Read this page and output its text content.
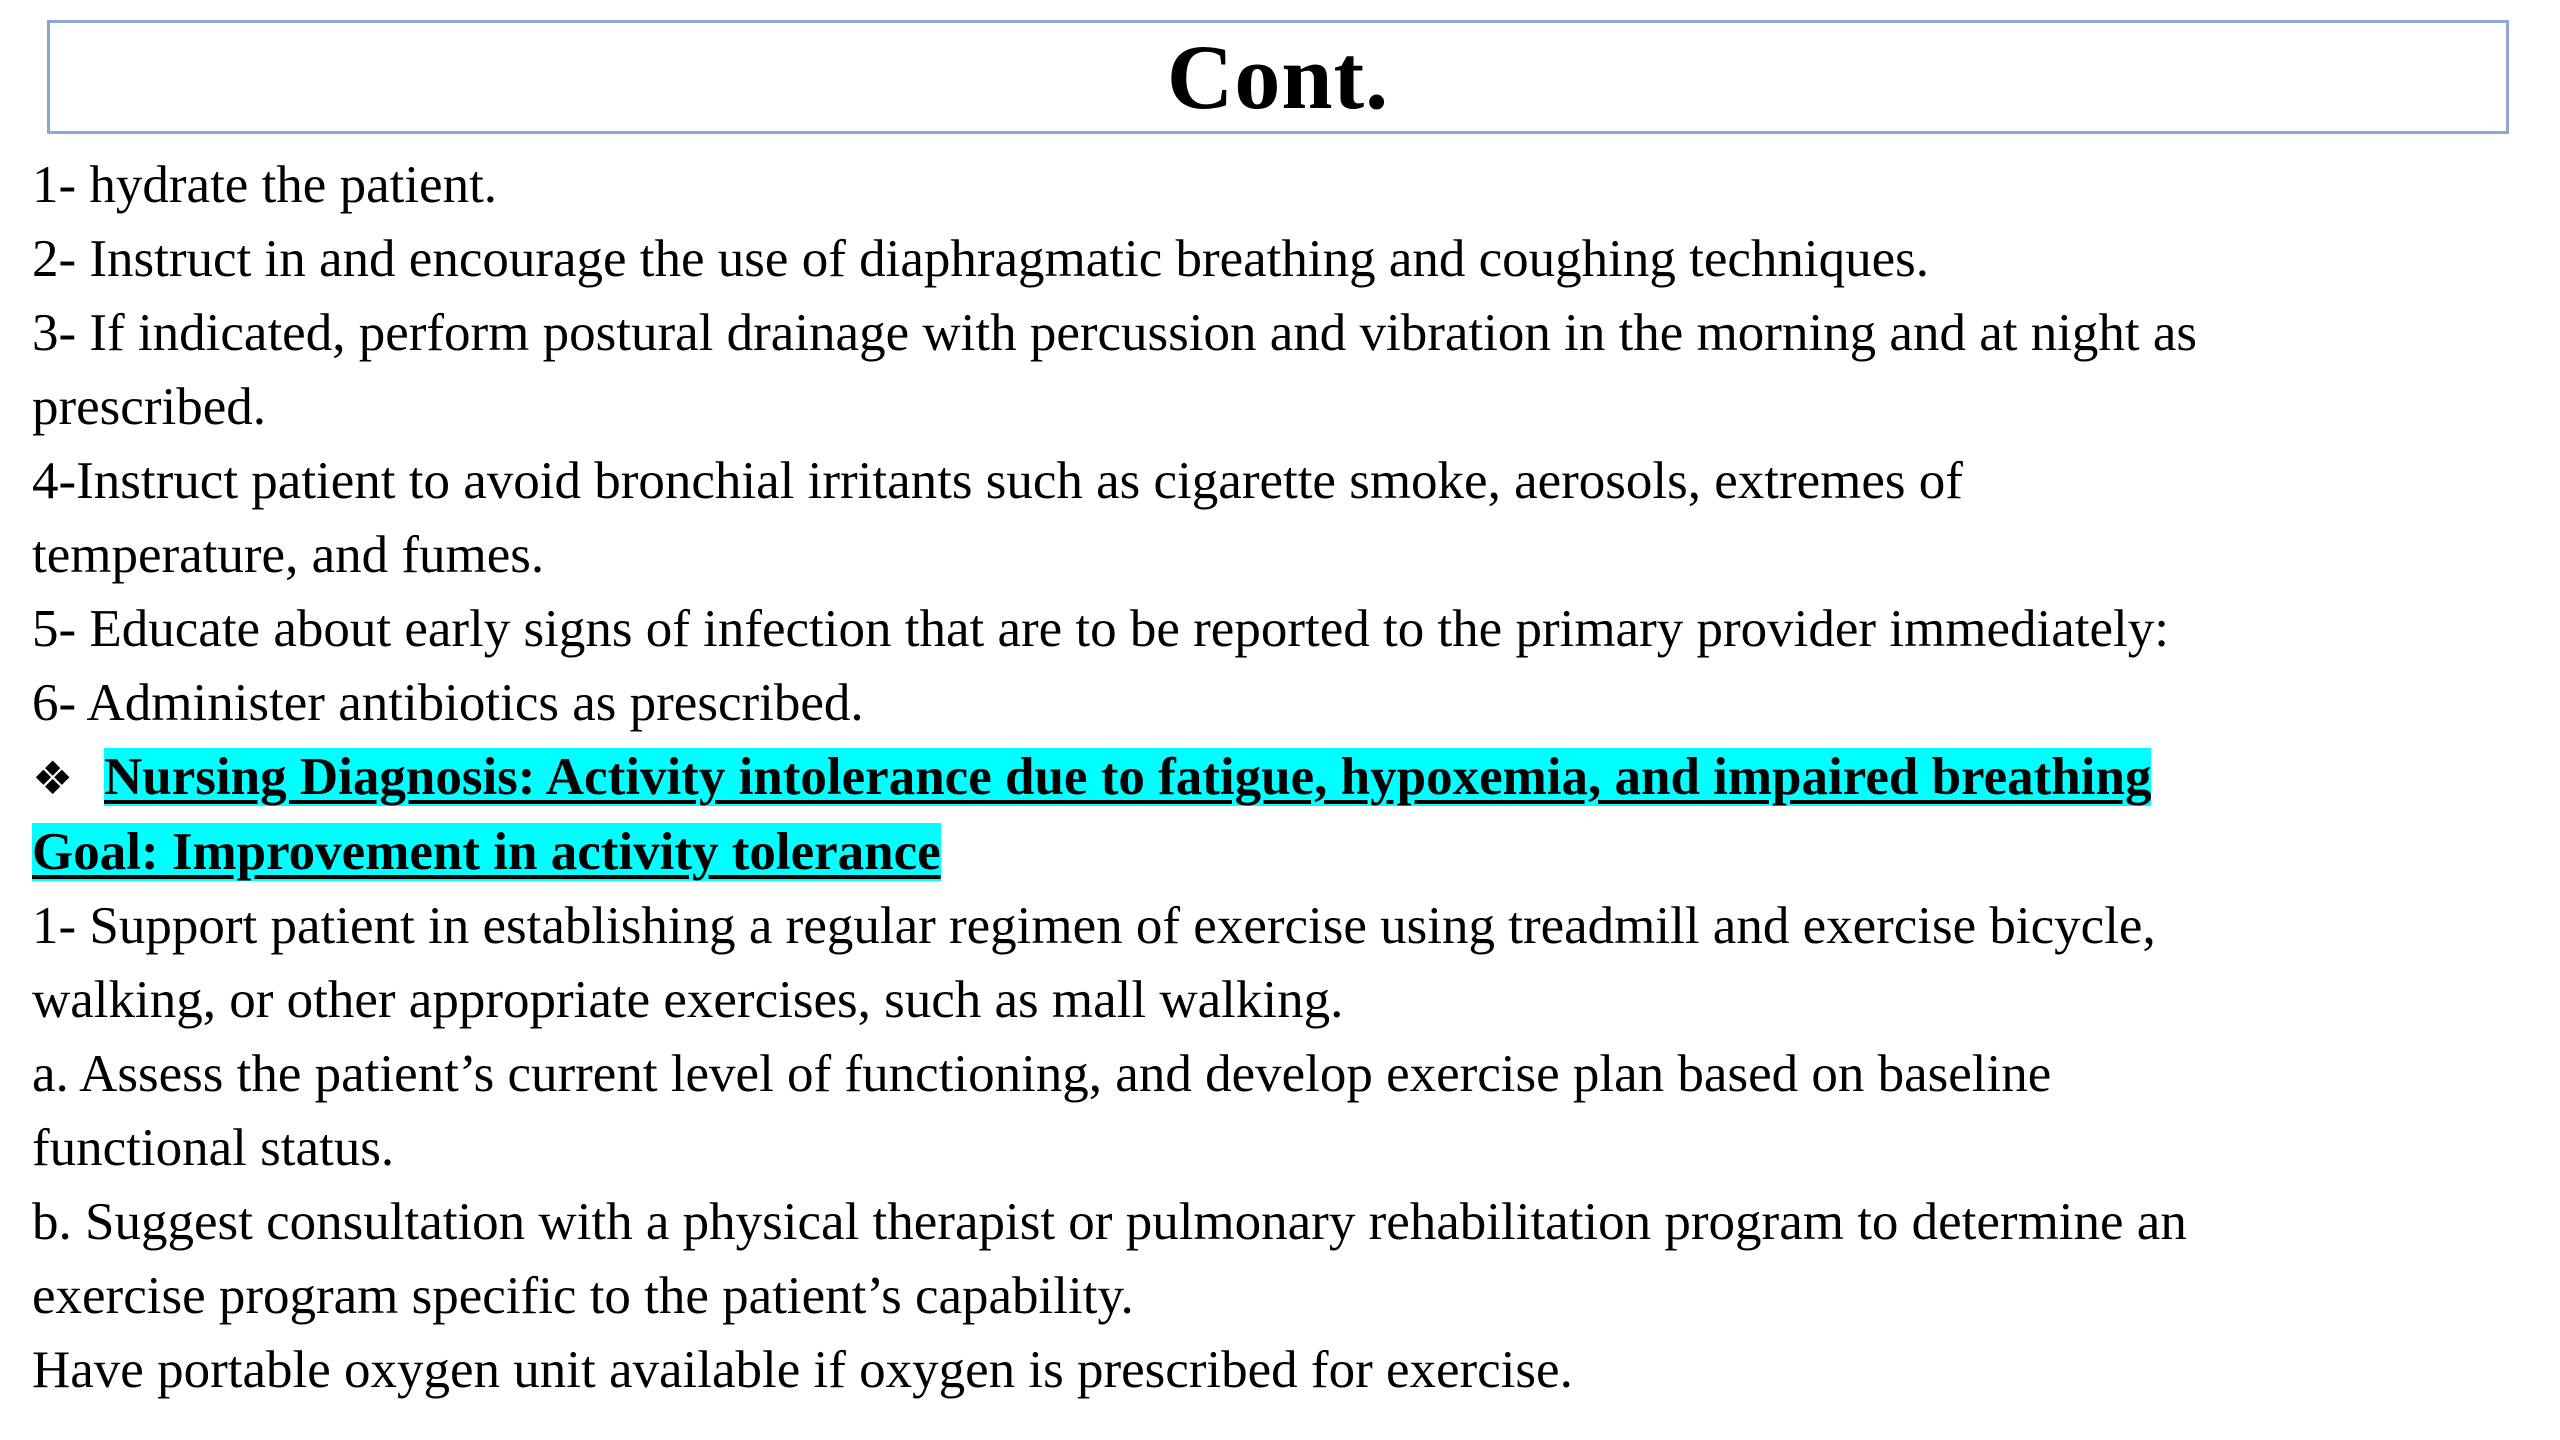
Cont.
1- hydrate the patient.
2- Instruct in and encourage the use of diaphragmatic breathing and coughing techniques.
3- If indicated, perform postural drainage with percussion and vibration in the morning and at night as
prescribed.
4-Instruct patient to avoid bronchial irritants such as cigarette smoke, aerosols, extremes of
temperature, and fumes.
5- Educate about early signs of infection that are to be reported to the primary provider immediately:
6- Administer antibiotics as prescribed.
❖ Nursing Diagnosis: Activity intolerance due to fatigue, hypoxemia, and impaired breathing
Goal: Improvement in activity tolerance
1- Support patient in establishing a regular regimen of exercise using treadmill and exercise bicycle,
walking, or other appropriate exercises, such as mall walking.
a. Assess the patient’s current level of functioning, and develop exercise plan based on baseline
functional status.
b. Suggest consultation with a physical therapist or pulmonary rehabilitation program to determine an
exercise program specific to the patient’s capability.
Have portable oxygen unit available if oxygen is prescribed for exercise.
